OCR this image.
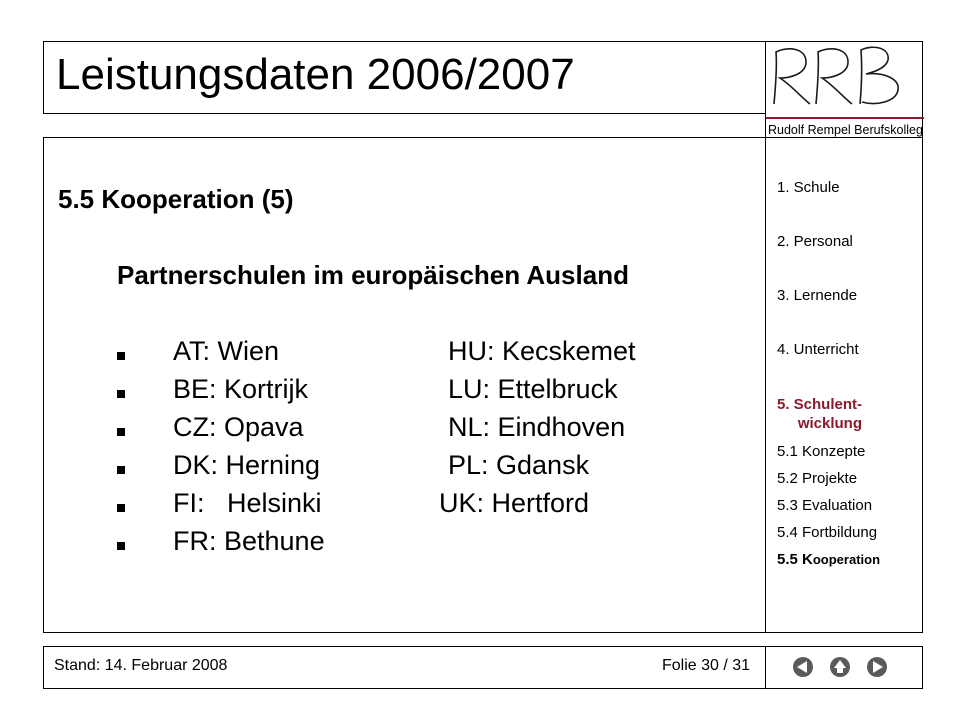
Leistungsdaten 2006/2007
Rudolf Rempel Berufskolleg
5.5 Kooperation (5)
Partnerschulen im europäischen Ausland
AT: Wien	HU: Kecskemet
BE: Kortrijk	LU: Ettelbruck
CZ: Opava	NL: Eindhoven
DK: Herning	PL: Gdansk
FI:   Helsinki	UK: Hertford
FR: Bethune
1. Schule
2. Personal
3. Lernende
4. Unterricht
5. Schulent-
wicklung
5.1 Konzepte
5.2 Projekte
5.3 Evaluation
5.4 Fortbildung
5.5 Kooperation
Stand: 14. Februar 2008	Folie 30 / 31
